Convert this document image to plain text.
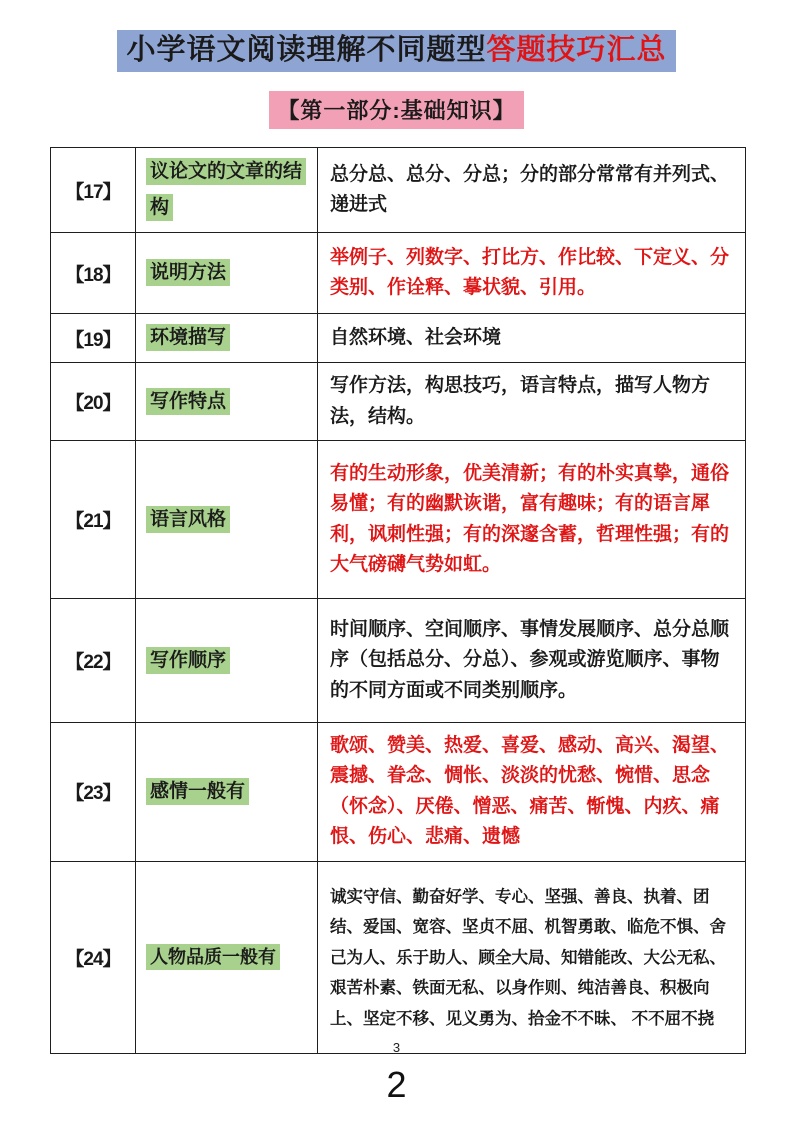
小学语文阅读理解不同题型答题技巧汇总
【第一部分:基础知识】
【17】	议论文的文章的结构	总分总、总分、分总；分的部分常常有并列式、递进式
【18】	说明方法	举例子、列数字、打比方、作比较、下定义、分类别、作诠释、摹状貌、引用。
【19】	环境描写	自然环境、社会环境
【20】	写作特点	写作方法，构思技巧，语言特点，描写人物方法，结构。
【21】	语言风格	有的生动形象，优美清新；有的朴实真挚，通俗易懂；有的幽默诙谐，富有趣味；有的语言犀利，讽刺性强；有的深邃含蓄，哲理性强；有的大气磅礴气势如虹。
【22】	写作顺序	时间顺序、空间顺序、事情发展顺序、总分总顺序（包括总分、分总）、参观或游览顺序、事物的不同方面或不同类别顺序。
【23】	感情一般有	歌颂、赞美、热爱、喜爱、感动、高兴、渴望、震撼、眷念、惆怅、淡淡的忧愁、惋惜、思念（怀念）、厌倦、憎恶、痛苦、惭愧、内疚、痛恨、伤心、悲痛、遗憾
【24】	人物品质一般有	诚实守信、勤奋好学、专心、坚强、善良、执着、团结、爱国、宽容、坚贞不屈、机智勇敢、临危不惧、舍己为人、乐于助人、顾全大局、知错能改、大公无私、艰苦朴素、铁面无私、以身作则、纯洁善良、积极向上、坚定不移、见义勇为、拾金不不昧、 不不屈不挠
3
2
